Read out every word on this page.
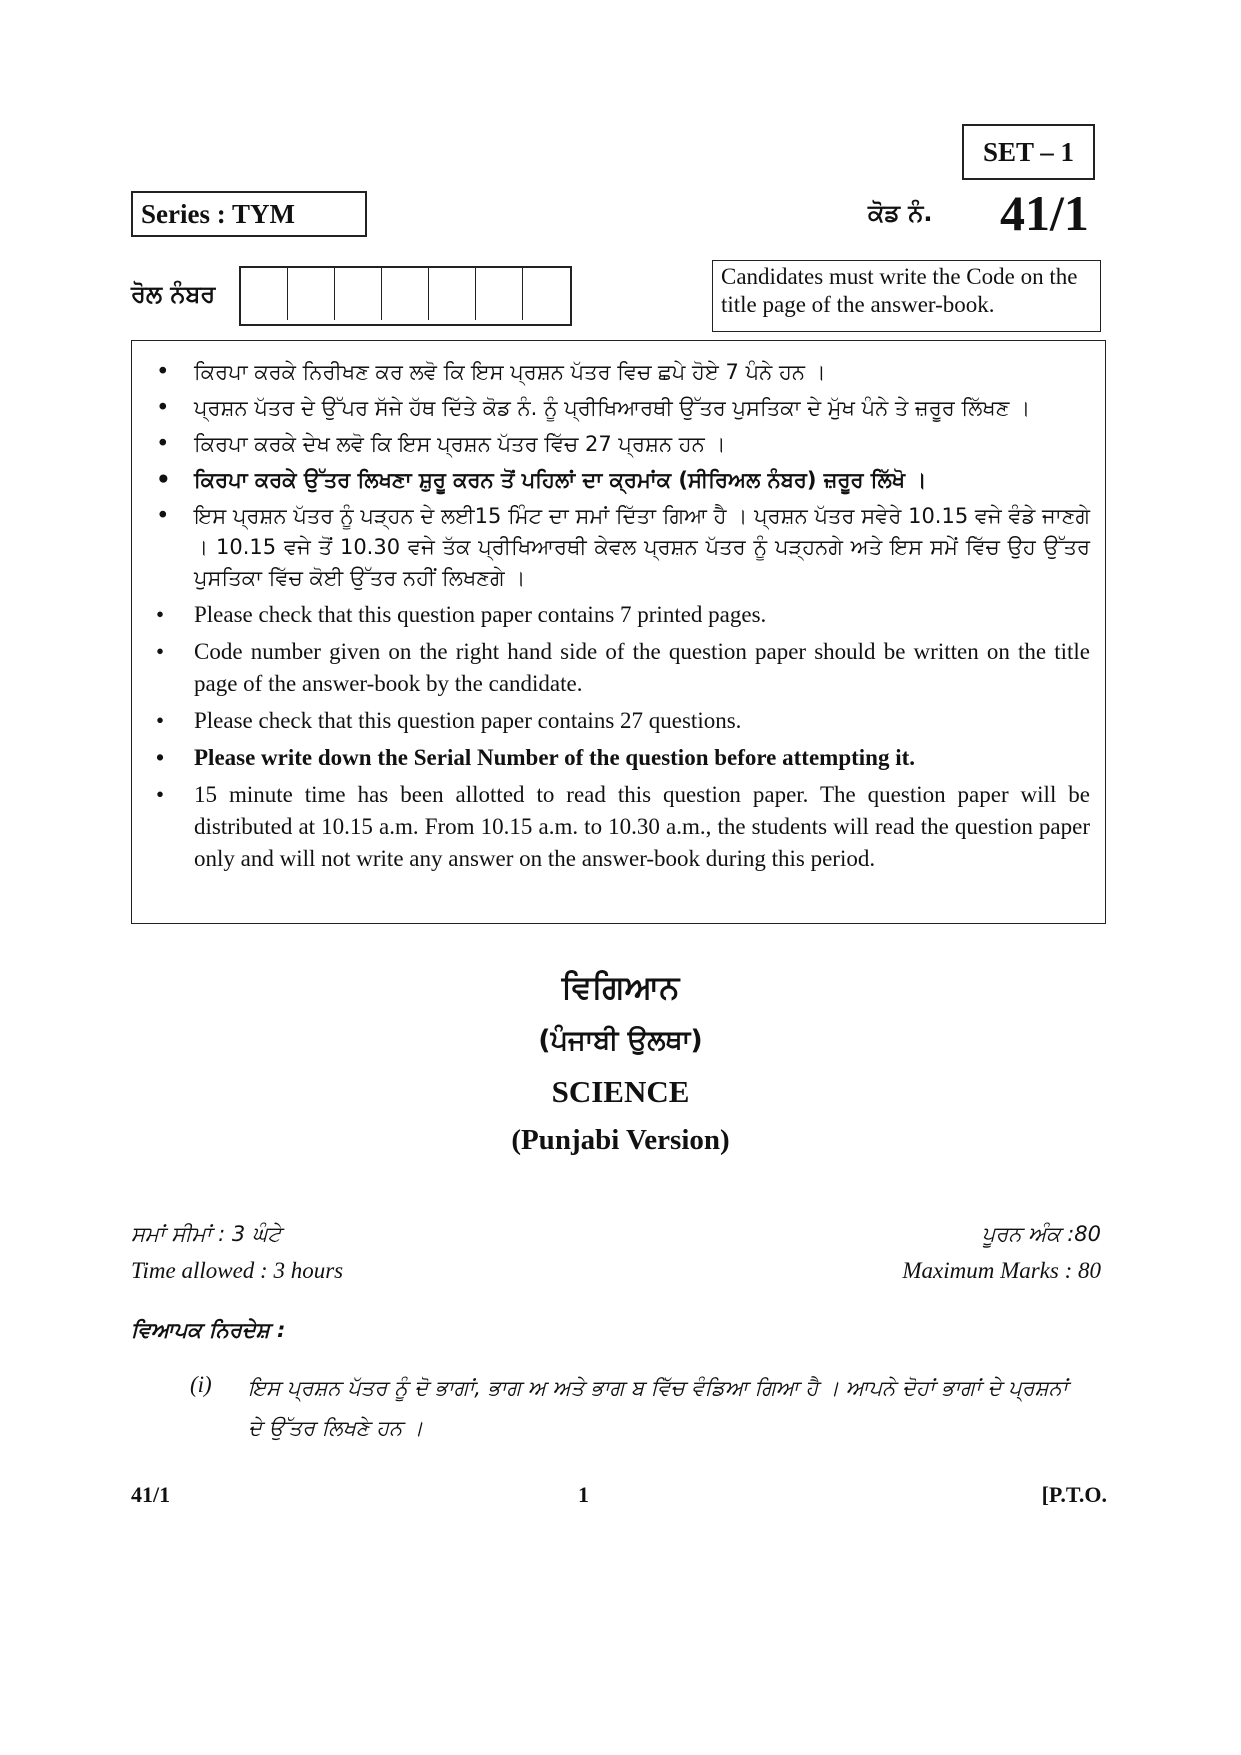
SET – 1
Series : TYM	ਕੋਡ ਨੰ. 41/1
ਰੋਲ ਨੰਬਰ
Candidates must write the Code on the title page of the answer-book.
• ਕਿਰਪਾ ਕਰਕੇ ਨਿਰੀਖਣ ਕਰ ਲਵੋ ਕਿ ਇਸ ਪ੍ਰਸ਼ਨ ਪੱਤਰ ਵਿਚ ਛਪੇ ਹੋਏ 7 ਪੰਨੇ ਹਨ ।
• ਪ੍ਰਸ਼ਨ ਪੱਤਰ ਦੇ ਉੱਪਰ ਸੱਜੇ ਹੱਥ ਦਿੱਤੇ ਕੋਡ ਨੰ. ਨੂੰ ਪ੍ਰੀਖਿਆਰਥੀ ਉੱਤਰ ਪੁਸਤਿਕਾ ਦੇ ਮੁੱਖ ਪੰਨੇ ਤੇ ਜ਼ਰੂਰ ਲਿੱਖਣ ।
• ਕਿਰਪਾ ਕਰਕੇ ਦੇਖ ਲਵੋ ਕਿ ਇਸ ਪ੍ਰਸ਼ਨ ਪੱਤਰ ਵਿੱਚ 27 ਪ੍ਰਸ਼ਨ ਹਨ ।
• ਕਿਰਪਾ ਕਰਕੇ ਉੱਤਰ ਲਿਖਣਾ ਸ਼ੁਰੂ ਕਰਨ ਤੋਂ ਪਹਿਲਾਂ ਦਾ ਕ੍ਰਮਾਂਕ (ਸੀਰਿਅਲ ਨੰਬਰ) ਜ਼ਰੂਰ ਲਿੱਖੋ ।
• ਇਸ ਪ੍ਰਸ਼ਨ ਪੱਤਰ ਨੂੰ ਪੜ੍ਹਨ ਦੇ ਲਈ15 ਮਿੰਟ ਦਾ ਸਮਾਂ ਦਿੱਤਾ ਗਿਆ ਹੈ । ਪ੍ਰਸ਼ਨ ਪੱਤਰ ਸਵੇਰੇ 10.15 ਵਜੇ ਵੰਡੇ ਜਾਣਗੇ । 10.15 ਵਜੇ ਤੋਂ 10.30 ਵਜੇ ਤੱਕ ਪ੍ਰੀਖਿਆਰਥੀ ਕੇਵਲ ਪ੍ਰਸ਼ਨ ਪੱਤਰ ਨੂੰ ਪੜ੍ਹਨਗੇ ਅਤੇ ਇਸ ਸਮੇਂ ਵਿੱਚ ਉਹ ਉੱਤਰ ਪੁਸਤਿਕਾ ਵਿੱਚ ਕੋਈ ਉੱਤਰ ਨਹੀਂ ਲਿਖਣਗੇ ।
• Please check that this question paper contains 7 printed pages.
• Code number given on the right hand side of the question paper should be written on the title page of the answer-book by the candidate.
• Please check that this question paper contains 27 questions.
• Please write down the Serial Number of the question before attempting it.
• 15 minute time has been allotted to read this question paper. The question paper will be distributed at 10.15 a.m. From 10.15 a.m. to 10.30 a.m., the students will read the question paper only and will not write any answer on the answer-book during this period.
ਵਿਗਿਆਨ
(ਪੰਜਾਬੀ ਉਲਥਾ)
SCIENCE
(Punjabi Version)
ਸਮਾਂ ਸੀਮਾਂ : 3 ਘੰਟੇ
Time allowed : 3 hours
ਪੂਰਨ ਅੰਕ :80
Maximum Marks : 80
ਵਿਆਪਕ ਨਿਰਦੇਸ਼ :
(i) ਇਸ ਪ੍ਰਸ਼ਨ ਪੱਤਰ ਨੂੰ ਦੋ ਭਾਗਾਂ, ਭਾਗ ਅ ਅਤੇ ਭਾਗ ਬ ਵਿੱਚ ਵੰਡਿਆ ਗਿਆ ਹੈ । ਆਪਨੇ ਦੋਹਾਂ ਭਾਗਾਂ ਦੇ ਪ੍ਰਸ਼ਨਾਂ ਦੇ ਉੱਤਰ ਲਿਖਣੇ ਹਨ ।
41/1	1	[P.T.O.
